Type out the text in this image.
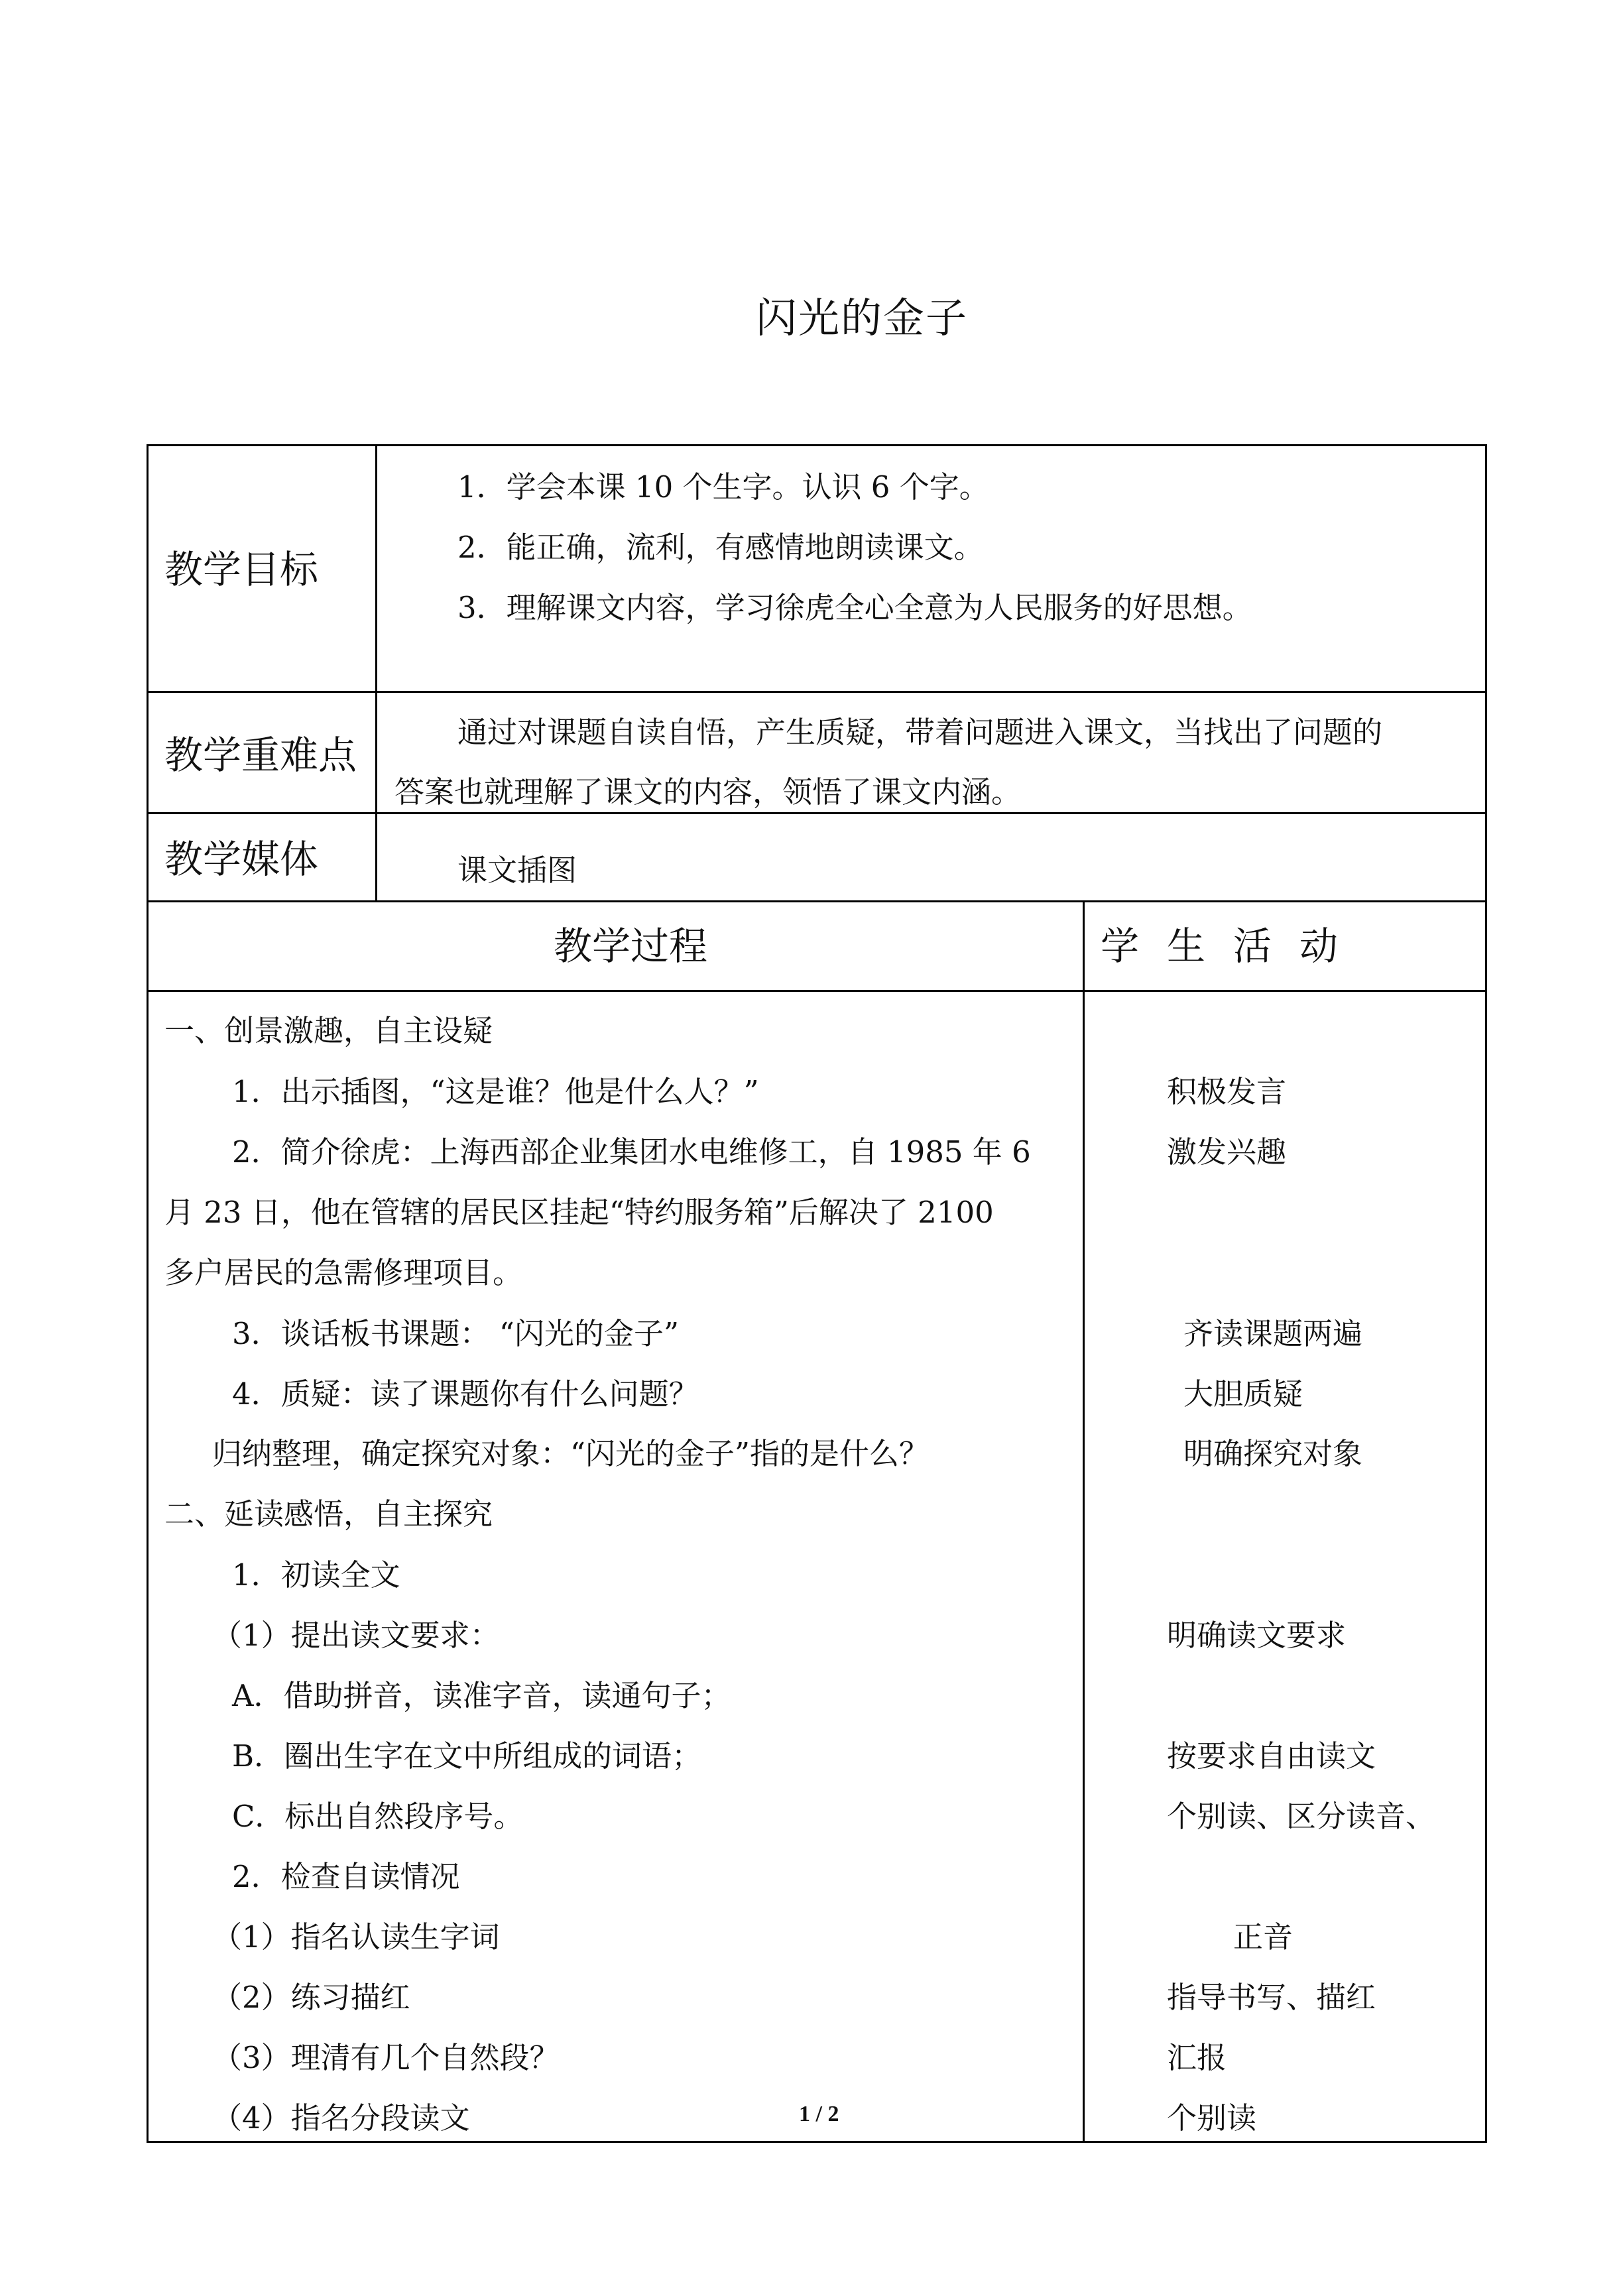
闪光的金子
教学目标
1．学会本课 10 个生字。认识 6 个字。
2．能正确，流利，有感情地朗读课文。
3．理解课文内容，学习徐虎全心全意为人民服务的好思想。
教学重难点
通过对课题自读自悟，产生质疑，带着问题进入课文，当找出了问题的
答案也就理解了课文的内容，领悟了课文内涵。
教学媒体	课文插图
教学过程	学生活动
一、创景激趣，自主设疑
1．出示插图，“这是谁？他是什么人？”
2．简介徐虎：上海西部企业集团水电维修工，自 1985 年 6
月 23 日，他在管辖的居民区挂起“特约服务箱”后解决了 2100
多户居民的急需修理项目。
3．谈话板书课题： “闪光的金子”
4．质疑：读了课题你有什么问题？
归纳整理，确定探究对象：“闪光的金子”指的是什么？
二、延读感悟，自主探究
1．初读全文
（1）提出读文要求：
A．借助拼音，读准字音，读通句子；
B．圈出生字在文中所组成的词语；
C．标出自然段序号。
2．检查自读情况
（1）指名认读生字词
（2）练习描红
（3）理清有几个自然段？
（4）指名分段读文
积极发言
激发兴趣
齐读课题两遍
大胆质疑
明确探究对象
明确读文要求
按要求自由读文
个别读、区分读音、
正音
指导书写、描红
汇报
个别读
1 / 2
